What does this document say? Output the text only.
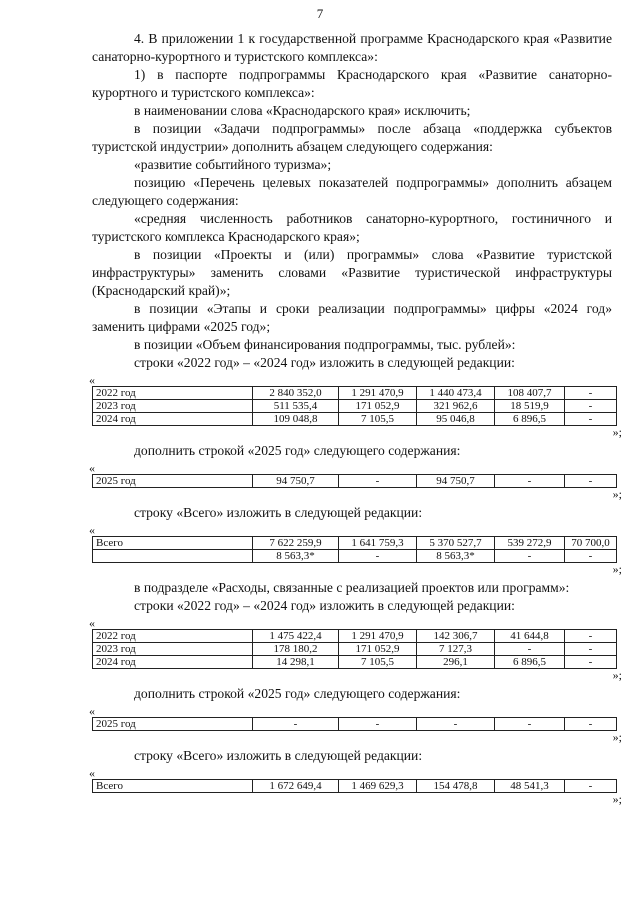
7

4. В приложении 1 к государственной программе Краснодарского края «Развитие санаторно-курортного и туристского комплекса»:

1) в паспорте подпрограммы Краснодарского края «Развитие санаторно-курортного и туристского комплекса»:

в наименовании слова «Краснодарского края» исключить;

в позиции «Задачи подпрограммы» после абзаца «поддержка субъектов туристской индустрии» дополнить абзацем следующего содержания:

«развитие событийного туризма»;

позицию «Перечень целевых показателей подпрограммы» дополнить абзацем следующего содержания:

«средняя численность работников санаторно-курортного, гостиничного и туристского комплекса Краснодарского края»;

в позиции «Проекты и (или) программы» слова «Развитие туристской инфраструктуры» заменить словами «Развитие туристической инфраструктуры (Краснодарский край)»;

в позиции «Этапы и сроки реализации подпрограммы» цифры «2024 год» заменить цифрами «2025 год»;

в позиции «Объем финансирования подпрограммы, тыс. рублей»:

строки «2022 год» – «2024 год» изложить в следующей редакции:

«
2022 год	2 840 352,0	1 291 470,9	1 440 473,4	108 407,7	-
2023 год	511 535,4	171 052,9	321 962,6	18 519,9	-
2024 год	109 048,8	7 105,5	95 046,8	6 896,5	-
»;

дополнить строкой «2025 год» следующего содержания:

«
2025 год	94 750,7	-	94 750,7	-	-
»;

строку «Всего» изложить в следующей редакции:

«
Всего	7 622 259,9	1 641 759,3	5 370 527,7	539 272,9	70 700,0
	8 563,3*	-	8 563,3*	-	-
»;

в подразделе «Расходы, связанные с реализацией проектов или программ»:

строки «2022 год» – «2024 год» изложить в следующей редакции:

«
2022 год	1 475 422,4	1 291 470,9	142 306,7	41 644,8	-
2023 год	178 180,2	171 052,9	7 127,3	-	-
2024 год	14 298,1	7 105,5	296,1	6 896,5	-
»;

дополнить строкой «2025 год» следующего содержания:

«
2025 год	-	-	-	-	-
»;

строку «Всего» изложить в следующей редакции:

«
Всего	1 672 649,4	1 469 629,3	154 478,8	48 541,3	-
»;
